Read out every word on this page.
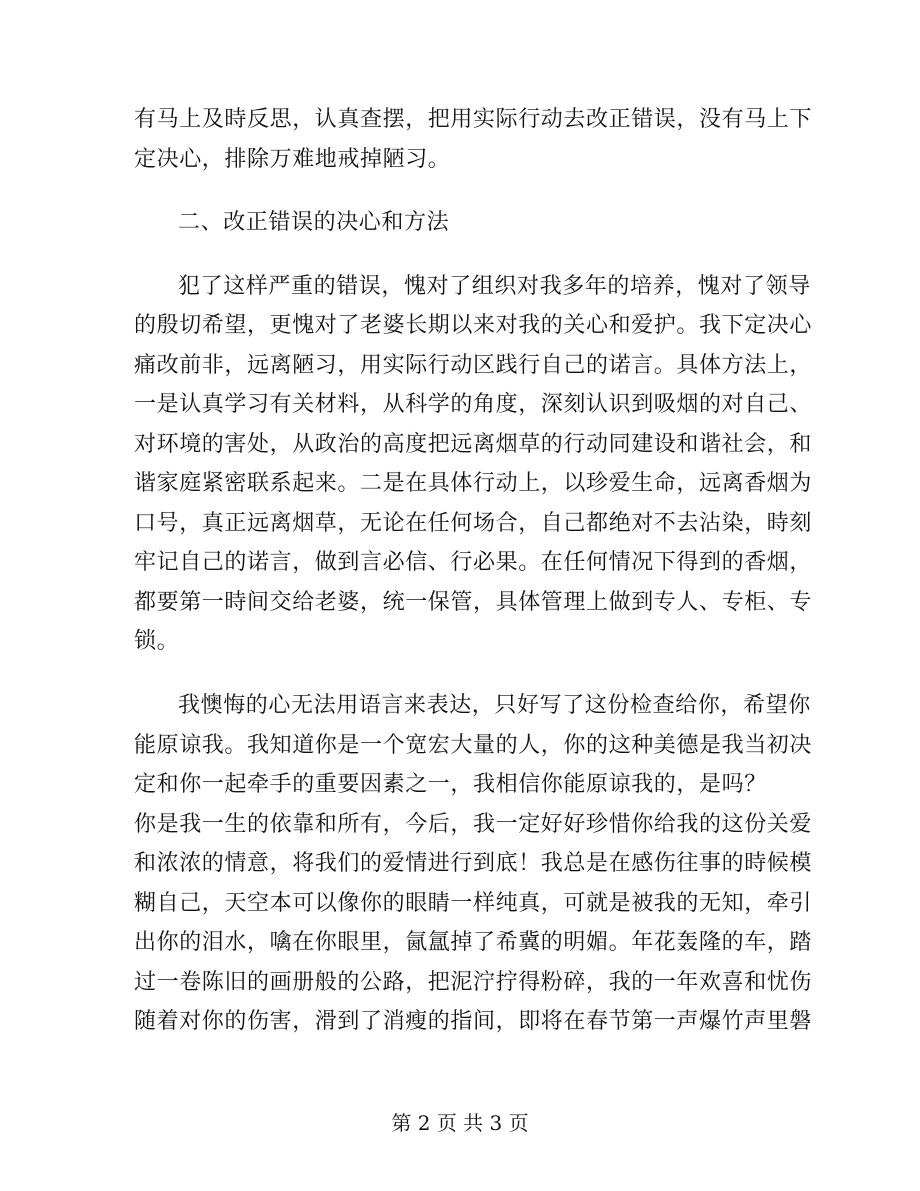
有马上及時反思，认真查摆，把用实际行动去改正错误，没有马上下
定决心，排除万难地戒掉陋习。
二、改正错误的决心和方法
犯了这样严重的错误，愧对了组织对我多年的培养，愧对了领导
的殷切希望，更愧对了老婆长期以来对我的关心和爱护。我下定决心
痛改前非，远离陋习，用实际行动区践行自己的诺言。具体方法上，
一是认真学习有关材料，从科学的角度，深刻认识到吸烟的对自己、
对环境的害处，从政治的高度把远离烟草的行动同建设和谐社会，和
谐家庭紧密联系起来。二是在具体行动上，以珍爱生命，远离香烟为
口号，真正远离烟草，无论在任何场合，自己都绝对不去沾染，時刻
牢记自己的诺言，做到言必信、行必果。在任何情况下得到的香烟，
都要第一時间交给老婆，统一保管，具体管理上做到专人、专柜、专
锁。
我懊悔的心无法用语言来表达，只好写了这份检查给你，希望你
能原谅我。我知道你是一个宽宏大量的人，你的这种美德是我当初决
定和你一起牵手的重要因素之一，我相信你能原谅我的，是吗？
你是我一生的依靠和所有，今后，我一定好好珍惜你给我的这份关爱
和浓浓的情意，将我们的爱情进行到底！我总是在感伤往事的時候模
糊自己，天空本可以像你的眼睛一样纯真，可就是被我的无知，牵引
出你的泪水，噙在你眼里，氤氲掉了希冀的明媚。年花轰隆的车，踏
过一卷陈旧的画册般的公路，把泥泞拧得粉碎，我的一年欢喜和忧伤
随着对你的伤害，滑到了消瘦的指间，即将在春节第一声爆竹声里磐
第 2 页 共 3 页
